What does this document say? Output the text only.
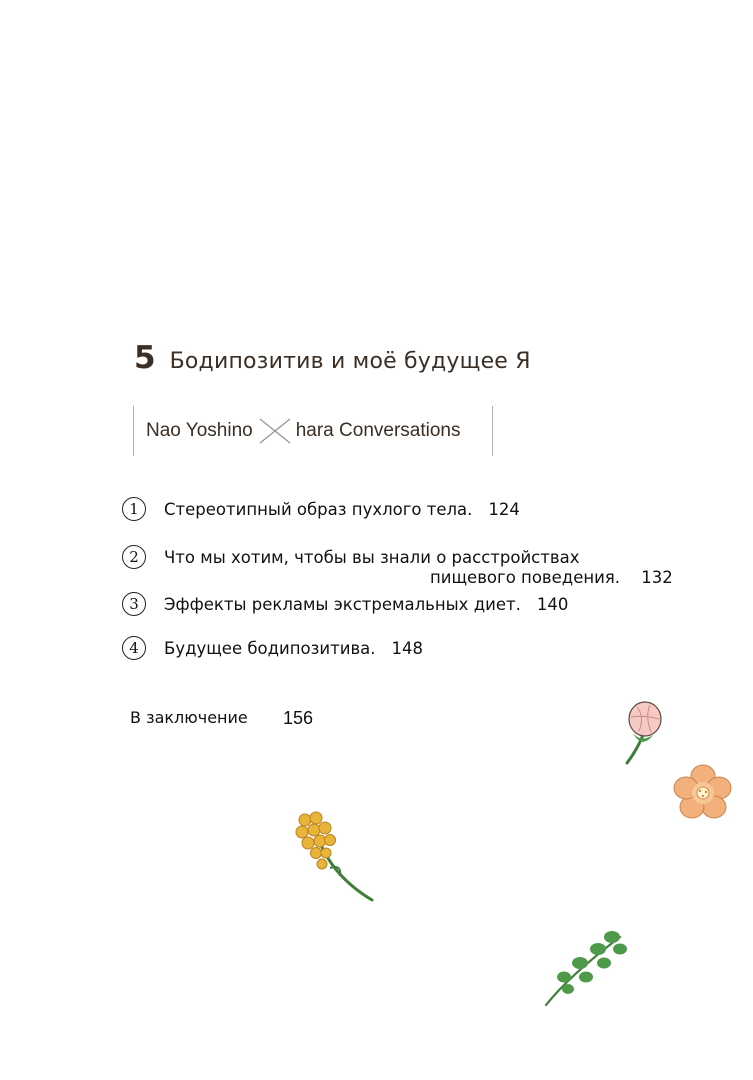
5 Бодипозитив и моё будущее Я
Nao Yoshino hara Conversations
1	Стереотипный образ пухлого тела. 124
2	Что мы хотим, чтобы вы знали о расстройствах
пищевого поведения. 132
3	Эффекты рекламы экстремальных диет. 140
4	Будущее бодипозитива. 148
В заключение 156
